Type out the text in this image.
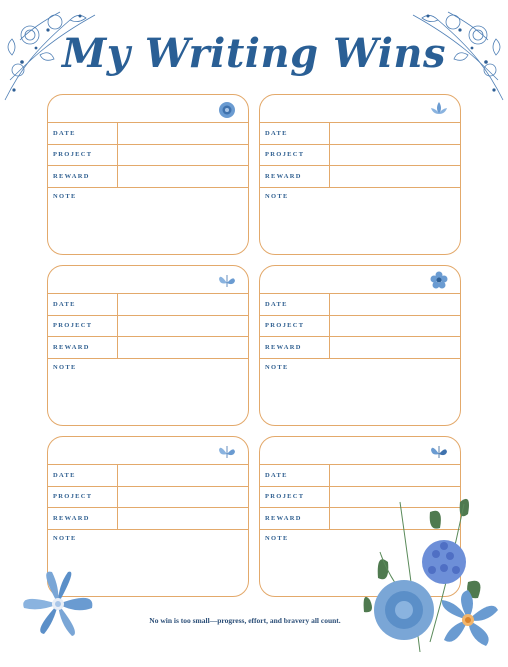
My Writing Wins
DATE
PROJECT
REWARD
NOTE
DATE
PROJECT
REWARD
NOTE
DATE
PROJECT
REWARD
NOTE
DATE
PROJECT
REWARD
NOTE
DATE
PROJECT
REWARD
NOTE
DATE
PROJECT
REWARD
NOTE

No win is too small—progress, effort, and bravery all count.
